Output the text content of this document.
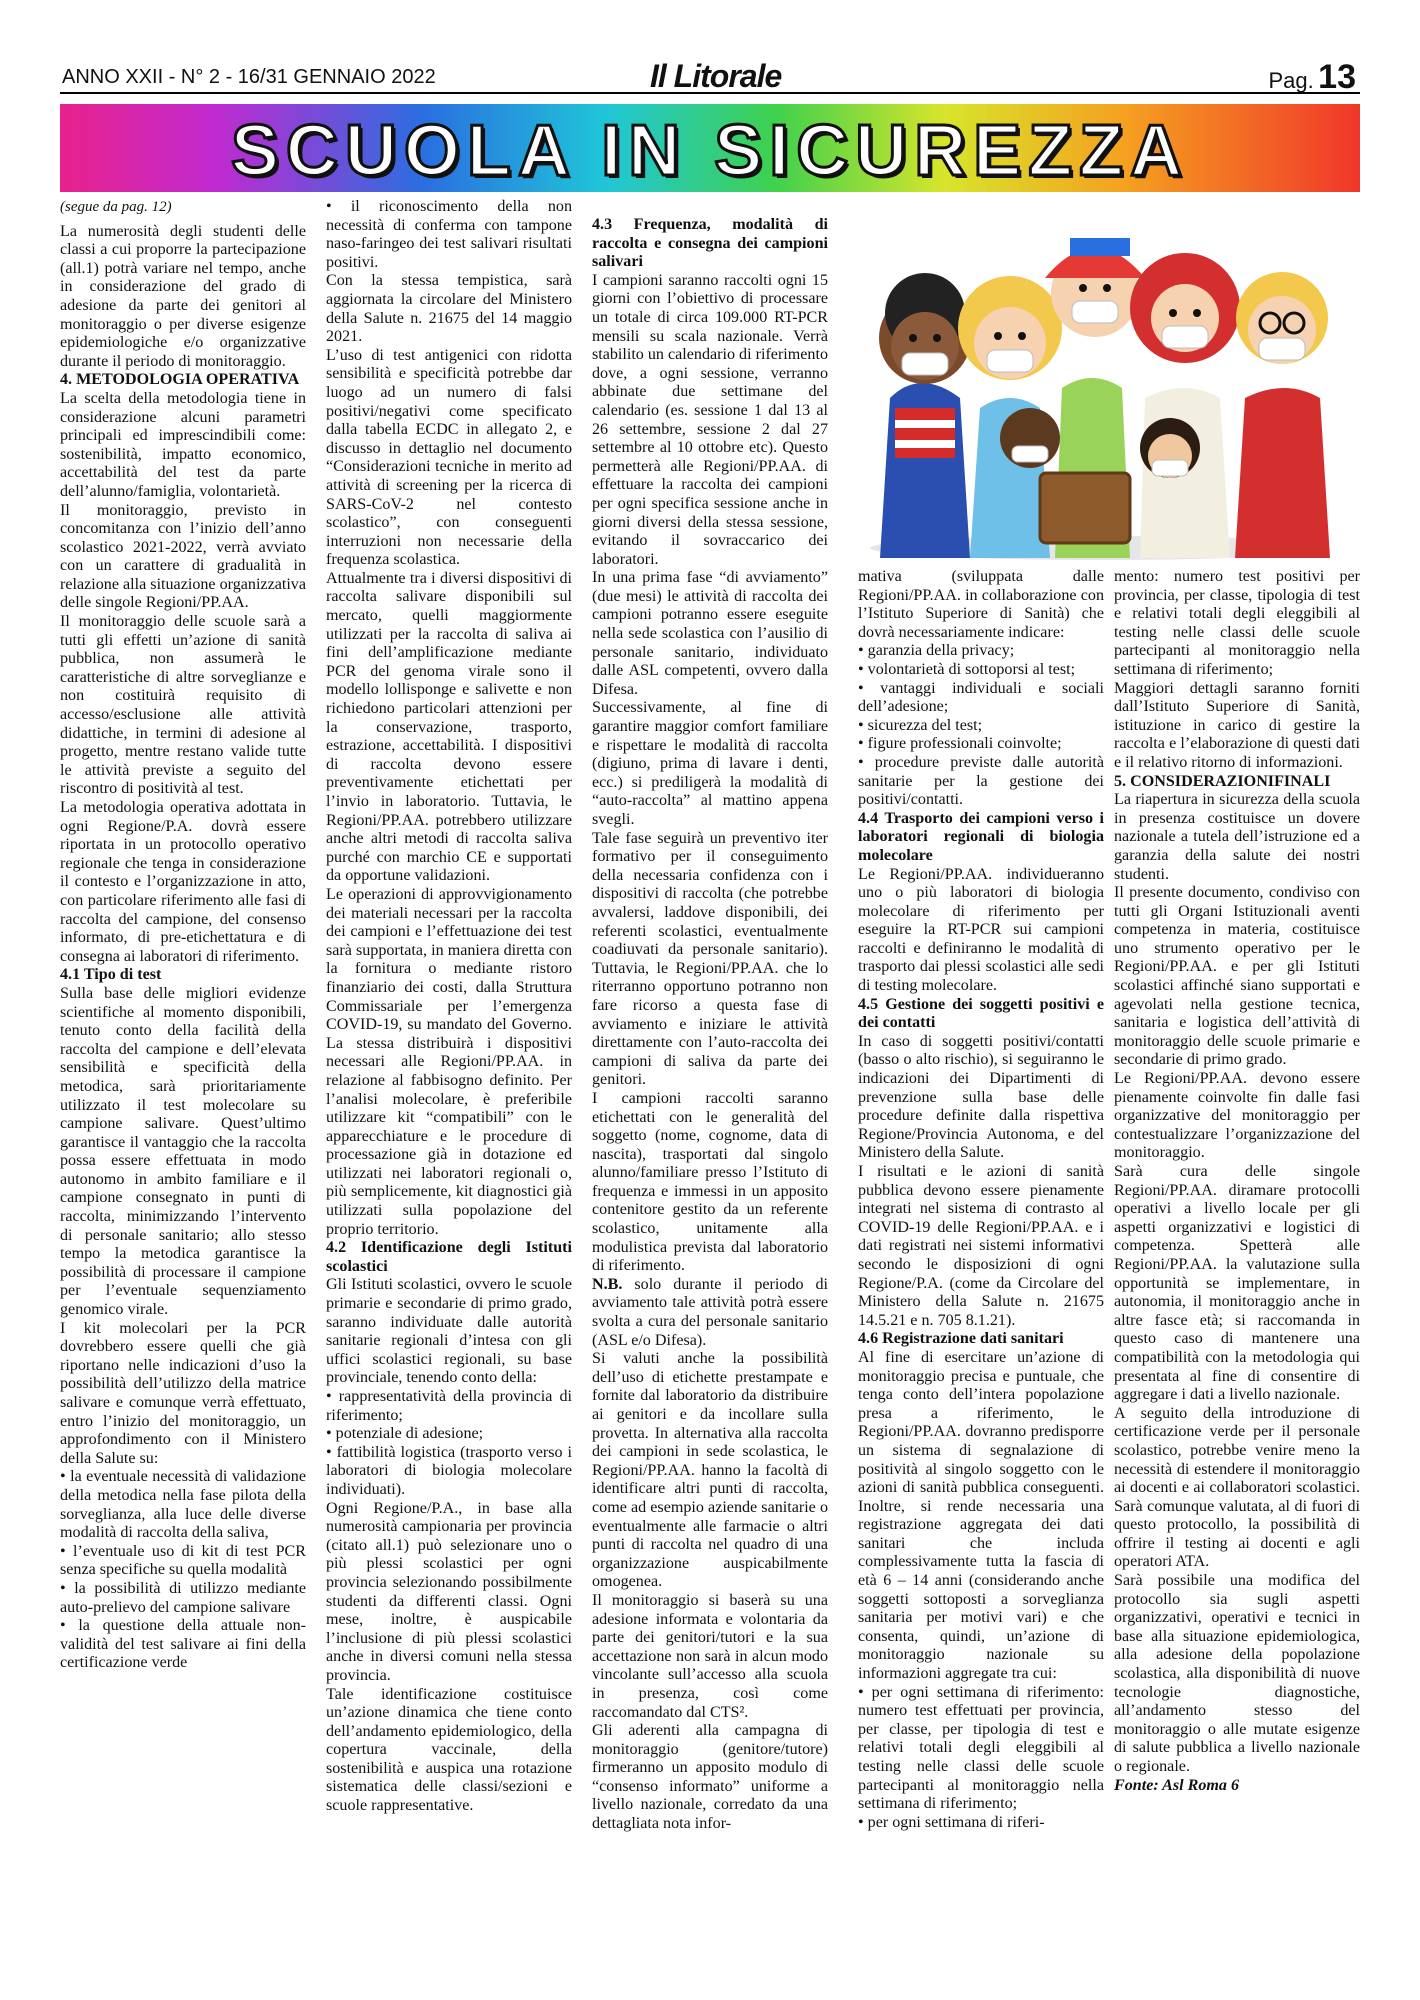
ANNO XXII - N° 2 - 16/31 GENNAIO 2022	Il Litorale	Pag. 13
SCUOLA IN SICUREZZA

(segue da pag. 12)

La numerosità degli studenti delle classi a cui proporre la partecipazione (all.1) potrà variare nel tempo, anche in considerazione del grado di adesione da parte dei genitori al monitoraggio o per diverse esigenze epidemiologiche e/o organizzative durante il periodo di monitoraggio.

4. METODOLOGIA OPERATIVA

La scelta della metodologia tiene in considerazione alcuni parametri principali ed imprescindibili come: sostenibilità, impatto economico, accettabilità del test da parte dell’alunno/famiglia, volontarietà.

Il monitoraggio, previsto in concomitanza con l’inizio dell’anno scolastico 2021-2022, verrà avviato con un carattere di gradualità in relazione alla situazione organizzativa delle singole Regioni/PP.AA.

Il monitoraggio delle scuole sarà a tutti gli effetti un’azione di sanità pubblica, non assumerà le caratteristiche di altre sorveglianze e non costituirà requisito di accesso/esclusione alle attività didattiche, in termini di adesione al progetto, mentre restano valide tutte le attività previste a seguito del riscontro di positività al test.

La metodologia operativa adottata in ogni Regione/P.A. dovrà essere riportata in un protocollo operativo regionale che tenga in considerazione il contesto e l’organizzazione in atto, con particolare riferimento alle fasi di raccolta del campione, del consenso informato, di pre-etichettatura e di consegna ai laboratori di riferimento.

4.1 Tipo di test

Sulla base delle migliori evidenze scientifiche al momento disponibili, tenuto conto della facilità della raccolta del campione e dell’elevata sensibilità e specificità della metodica, sarà prioritariamente utilizzato il test molecolare su campione salivare. Quest’ultimo garantisce il vantaggio che la raccolta possa essere effettuata in modo autonomo in ambito familiare e il campione consegnato in punti di raccolta, minimizzando l’intervento di personale sanitario; allo stesso tempo la metodica garantisce la possibilità di processare il campione per l’eventuale sequenziamento genomico virale.

I kit molecolari per la PCR dovrebbero essere quelli che già riportano nelle indicazioni d’uso la possibilità dell’utilizzo della matrice salivare e comunque verrà effettuato, entro l’inizio del monitoraggio, un approfondimento con il Ministero della Salute su:

• la eventuale necessità di validazione della metodica nella fase pilota della sorveglianza, alla luce delle diverse modalità di raccolta della saliva,

• l’eventuale uso di kit di test PCR senza specifiche su quella modalità

• la possibilità di utilizzo mediante auto-prelievo del campione salivare

• la questione della attuale non-validità del test salivare ai fini della certificazione verde

• il riconoscimento della non necessità di conferma con tampone naso-faringeo dei test salivari risultati positivi.

Con la stessa tempistica, sarà aggiornata la circolare del Ministero della Salute n. 21675 del 14 maggio 2021.

L’uso di test antigenici con ridotta sensibilità e specificità potrebbe dar luogo ad un numero di falsi positivi/negativi come specificato dalla tabella ECDC in allegato 2, e discusso in dettaglio nel documento “Considerazioni tecniche in merito ad attività di screening per la ricerca di SARS-CoV-2 nel contesto scolastico”, con conseguenti interruzioni non necessarie della frequenza scolastica.

Attualmente tra i diversi dispositivi di raccolta salivare disponibili sul mercato, quelli maggiormente utilizzati per la raccolta di saliva ai fini dell’amplificazione mediante PCR del genoma virale sono il modello lollisponge e salivette e non richiedono particolari attenzioni per la conservazione, trasporto, estrazione, accettabilità. I dispositivi di raccolta devono essere preventivamente etichettati per l’invio in laboratorio. Tuttavia, le Regioni/PP.AA. potrebbero utilizzare anche altri metodi di raccolta saliva purché con marchio CE e supportati da opportune validazioni.

Le operazioni di approvvigionamento dei materiali necessari per la raccolta dei campioni e l’effettuazione dei test sarà supportata, in maniera diretta con la fornitura o mediante ristoro finanziario dei costi, dalla Struttura Commissariale per l’emergenza COVID-19, su mandato del Governo. La stessa distribuirà i dispositivi necessari alle Regioni/PP.AA. in relazione al fabbisogno definito. Per l’analisi molecolare, è preferibile utilizzare kit “compatibili” con le apparecchiature e le procedure di processazione già in dotazione ed utilizzati nei laboratori regionali o, più semplicemente, kit diagnostici già utilizzati sulla popolazione del proprio territorio.

4.2 Identificazione degli Istituti scolastici

Gli Istituti scolastici, ovvero le scuole primarie e secondarie di primo grado, saranno individuate dalle autorità sanitarie regionali d’intesa con gli uffici scolastici regionali, su base provinciale, tenendo conto della:

• rappresentatività della provincia di riferimento;

• potenziale di adesione;

• fattibilità logistica (trasporto verso i laboratori di biologia molecolare individuati).

Ogni Regione/P.A., in base alla numerosità campionaria per provincia (citato all.1) può selezionare uno o più plessi scolastici per ogni provincia selezionando possibilmente studenti da differenti classi. Ogni mese, inoltre, è auspicabile l’inclusione di più plessi scolastici anche in diversi comuni nella stessa provincia.

Tale identificazione costituisce un’azione dinamica che tiene conto dell’andamento epidemiologico, della copertura vaccinale, della sostenibilità e auspica una rotazione sistematica delle classi/sezioni e scuole rappresentative.

4.3 Frequenza, modalità di raccolta e consegna dei campioni salivari

I campioni saranno raccolti ogni 15 giorni con l’obiettivo di processare un totale di circa 109.000 RT-PCR mensili su scala nazionale. Verrà stabilito un calendario di riferimento dove, a ogni sessione, verranno abbinate due settimane del calendario (es. sessione 1 dal 13 al 26 settembre, sessione 2 dal 27 settembre al 10 ottobre etc). Questo permetterà alle Regioni/PP.AA. di effettuare la raccolta dei campioni per ogni specifica sessione anche in giorni diversi della stessa sessione, evitando il sovraccarico dei laboratori.

In una prima fase “di avviamento” (due mesi) le attività di raccolta dei campioni potranno essere eseguite nella sede scolastica con l’ausilio di personale sanitario, individuato dalle ASL competenti, ovvero dalla Difesa.

Successivamente, al fine di garantire maggior comfort familiare e rispettare le modalità di raccolta (digiuno, prima di lavare i denti, ecc.) si prediligerà la modalità di “auto-raccolta” al mattino appena svegli.

Tale fase seguirà un preventivo iter formativo per il conseguimento della necessaria confidenza con i dispositivi di raccolta (che potrebbe avvalersi, laddove disponibili, dei referenti scolastici, eventualmente coadiuvati da personale sanitario). Tuttavia, le Regioni/PP.AA. che lo riterranno opportuno potranno non fare ricorso a questa fase di avviamento e iniziare le attività direttamente con l’auto-raccolta dei campioni di saliva da parte dei genitori.

I campioni raccolti saranno etichettati con le generalità del soggetto (nome, cognome, data di nascita), trasportati dal singolo alunno/familiare presso l’Istituto di frequenza e immessi in un apposito contenitore gestito da un referente scolastico, unitamente alla modulistica prevista dal laboratorio di riferimento.

N.B. solo durante il periodo di avviamento tale attività potrà essere svolta a cura del personale sanitario (ASL e/o Difesa).

Si valuti anche la possibilità dell’uso di etichette prestampate e fornite dal laboratorio da distribuire ai genitori e da incollare sulla provetta. In alternativa alla raccolta dei campioni in sede scolastica, le Regioni/PP.AA. hanno la facoltà di identificare altri punti di raccolta, come ad esempio aziende sanitarie o eventualmente alle farmacie o altri punti di raccolta nel quadro di una organizzazione auspicabilmente omogenea.

Il monitoraggio si baserà su una adesione informata e volontaria da parte dei genitori/tutori e la sua accettazione non sarà in alcun modo vincolante sull’accesso alla scuola in presenza, così come raccomandato dal CTS².

Gli aderenti alla campagna di monitoraggio (genitore/tutore) firmeranno un apposito modulo di “consenso informato” uniforme a livello nazionale, corredato da una dettagliata nota infor-

mativa (sviluppata dalle Regioni/PP.AA. in collaborazione con l’Istituto Superiore di Sanità) che dovrà necessariamente indicare:

• garanzia della privacy;

• volontarietà di sottoporsi al test;

• vantaggi individuali e sociali dell’adesione;

• sicurezza del test;

• figure professionali coinvolte;

• procedure previste dalle autorità sanitarie per la gestione dei positivi/contatti.

4.4 Trasporto dei campioni verso i laboratori regionali di biologia molecolare

Le Regioni/PP.AA. individueranno uno o più laboratori di biologia molecolare di riferimento per eseguire la RT-PCR sui campioni raccolti e definiranno le modalità di trasporto dai plessi scolastici alle sedi di testing molecolare.

4.5 Gestione dei soggetti positivi e dei contatti

In caso di soggetti positivi/contatti (basso o alto rischio), si seguiranno le indicazioni dei Dipartimenti di prevenzione sulla base delle procedure definite dalla rispettiva Regione/Provincia Autonoma, e del Ministero della Salute.

I risultati e le azioni di sanità pubblica devono essere pienamente integrati nel sistema di contrasto al COVID-19 delle Regioni/PP.AA. e i dati registrati nei sistemi informativi secondo le disposizioni di ogni Regione/P.A. (come da Circolare del Ministero della Salute n. 21675 14.5.21 e n. 705 8.1.21).

4.6 Registrazione dati sanitari

Al fine di esercitare un’azione di monitoraggio precisa e puntuale, che tenga conto dell’intera popolazione presa a riferimento, le Regioni/PP.AA. dovranno predisporre un sistema di segnalazione di positività al singolo soggetto con le azioni di sanità pubblica conseguenti. Inoltre, si rende necessaria una registrazione aggregata dei dati sanitari che includa complessivamente tutta la fascia di età 6 – 14 anni (considerando anche soggetti sottoposti a sorveglianza sanitaria per motivi vari) e che consenta, quindi, un’azione di monitoraggio nazionale su informazioni aggregate tra cui:

• per ogni settimana di riferimento: numero test effettuati per provincia, per classe, per tipologia di test e relativi totali degli eleggibili al testing nelle classi delle scuole partecipanti al monitoraggio nella settimana di riferimento;

• per ogni settimana di riferi-

mento: numero test positivi per provincia, per classe, tipologia di test e relativi totali degli eleggibili al testing nelle classi delle scuole partecipanti al monitoraggio nella settimana di riferimento;

Maggiori dettagli saranno forniti dall’Istituto Superiore di Sanità, istituzione in carico di gestire la raccolta e l’elaborazione di questi dati e il relativo ritorno di informazioni.

5. CONSIDERAZIONIFINALI

La riapertura in sicurezza della scuola in presenza costituisce un dovere nazionale a tutela dell’istruzione ed a garanzia della salute dei nostri studenti.

Il presente documento, condiviso con tutti gli Organi Istituzionali aventi competenza in materia, costituisce uno strumento operativo per le Regioni/PP.AA. e per gli Istituti scolastici affinché siano supportati e agevolati nella gestione tecnica, sanitaria e logistica dell’attività di monitoraggio delle scuole primarie e secondarie di primo grado.

Le Regioni/PP.AA. devono essere pienamente coinvolte fin dalle fasi organizzative del monitoraggio per contestualizzare l’organizzazione del monitoraggio.

Sarà cura delle singole Regioni/PP.AA. diramare protocolli operativi a livello locale per gli aspetti organizzativi e logistici di competenza. Spetterà alle Regioni/PP.AA. la valutazione sulla opportunità se implementare, in autonomia, il monitoraggio anche in altre fasce età; si raccomanda in questo caso di mantenere una compatibilità con la metodologia qui presentata al fine di consentire di aggregare i dati a livello nazionale.

A seguito della introduzione di certificazione verde per il personale scolastico, potrebbe venire meno la necessità di estendere il monitoraggio ai docenti e ai collaboratori scolastici. Sarà comunque valutata, al di fuori di questo protocollo, la possibilità di offrire il testing ai docenti e agli operatori ATA.

Sarà possibile una modifica del protocollo sia sugli aspetti organizzativi, operativi e tecnici in base alla situazione epidemiologica, alla adesione della popolazione scolastica, alla disponibilità di nuove tecnologie diagnostiche, all’andamento stesso del monitoraggio o alle mutate esigenze di salute pubblica a livello nazionale o regionale.

Fonte: Asl Roma 6
